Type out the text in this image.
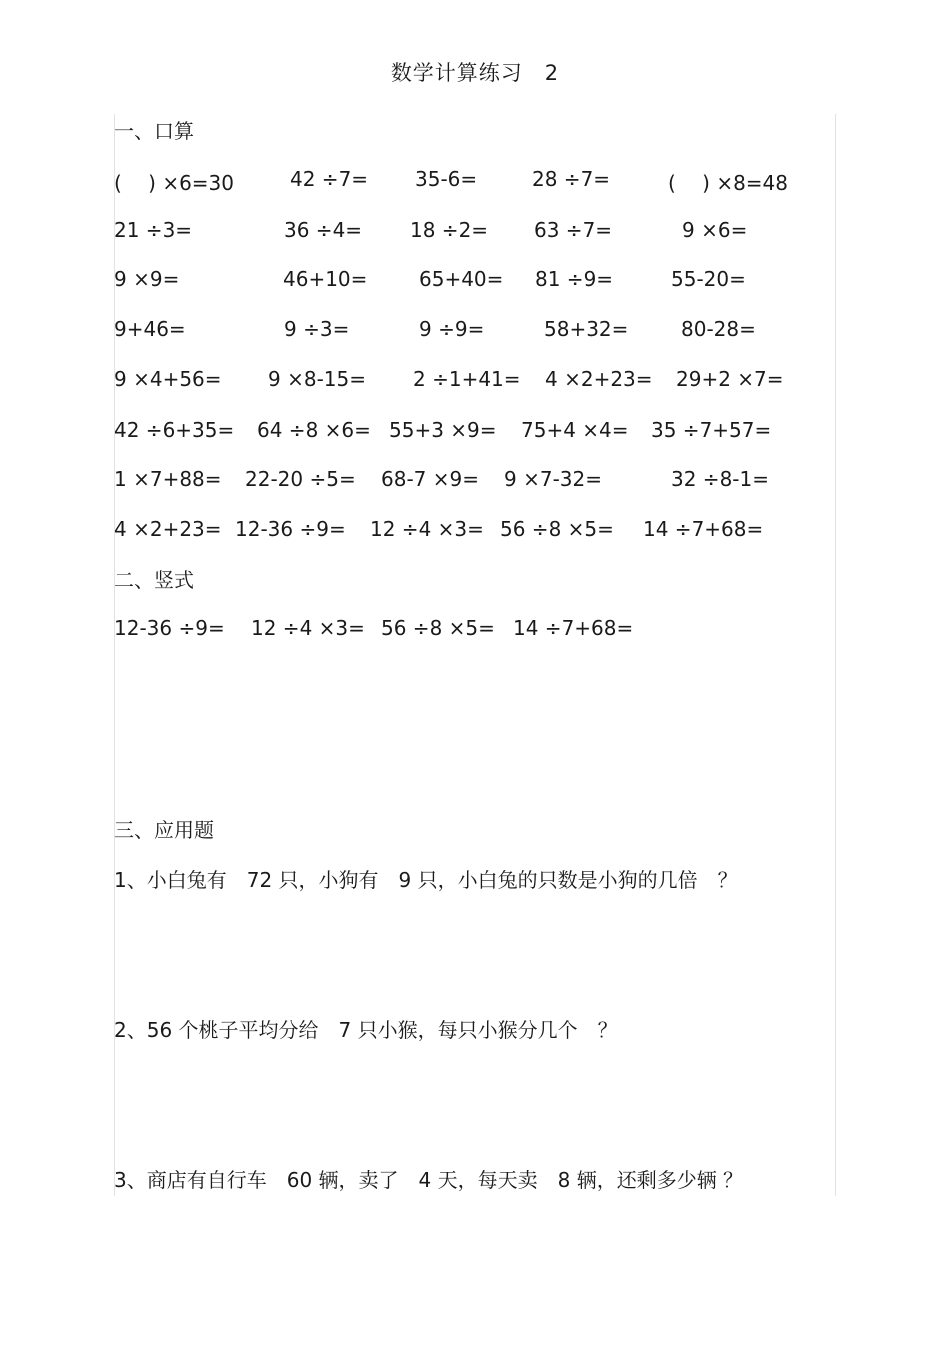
数学计算练习　2
一、口算
(　 ) ×6=30	42 ÷7= 35-6=	28 ÷7=	(　 ) ×8=48
21 ÷3=	36 ÷4= 18 ÷2= 63 ÷7=	9 ×6=
9 ×9=	46+10=	65+40= 81 ÷9=	55-20=
9+46=	9 ÷3=	9 ÷9=	58+32=	80-28=
9 ×4+56= 9 ×8-15= 2 ÷1+41= 4 ×2+23= 29+2 ×7=
42 ÷6+35= 64 ÷8 ×6= 55+3 ×9= 75+4 ×4= 35 ÷7+57=
1 ×7+88= 22-20 ÷5= 68-7 ×9= 9 ×7-32=	32 ÷8-1=
4 ×2+23= 12-36 ÷9= 12 ÷4 ×3= 56 ÷8 ×5= 14 ÷7+68=
二、竖式
12-36 ÷9= 12 ÷4 ×3= 56 ÷8 ×5= 14 ÷7+68=
三、应用题
1、小白兔有　72 只，小狗有　9 只，小白兔的只数是小狗的几倍　？
2、56 个桃子平均分给　7 只小猴，每只小猴分几个　？
3、商店有自行车　60 辆，卖了　4 天，每天卖　8 辆，还剩多少辆 ？
